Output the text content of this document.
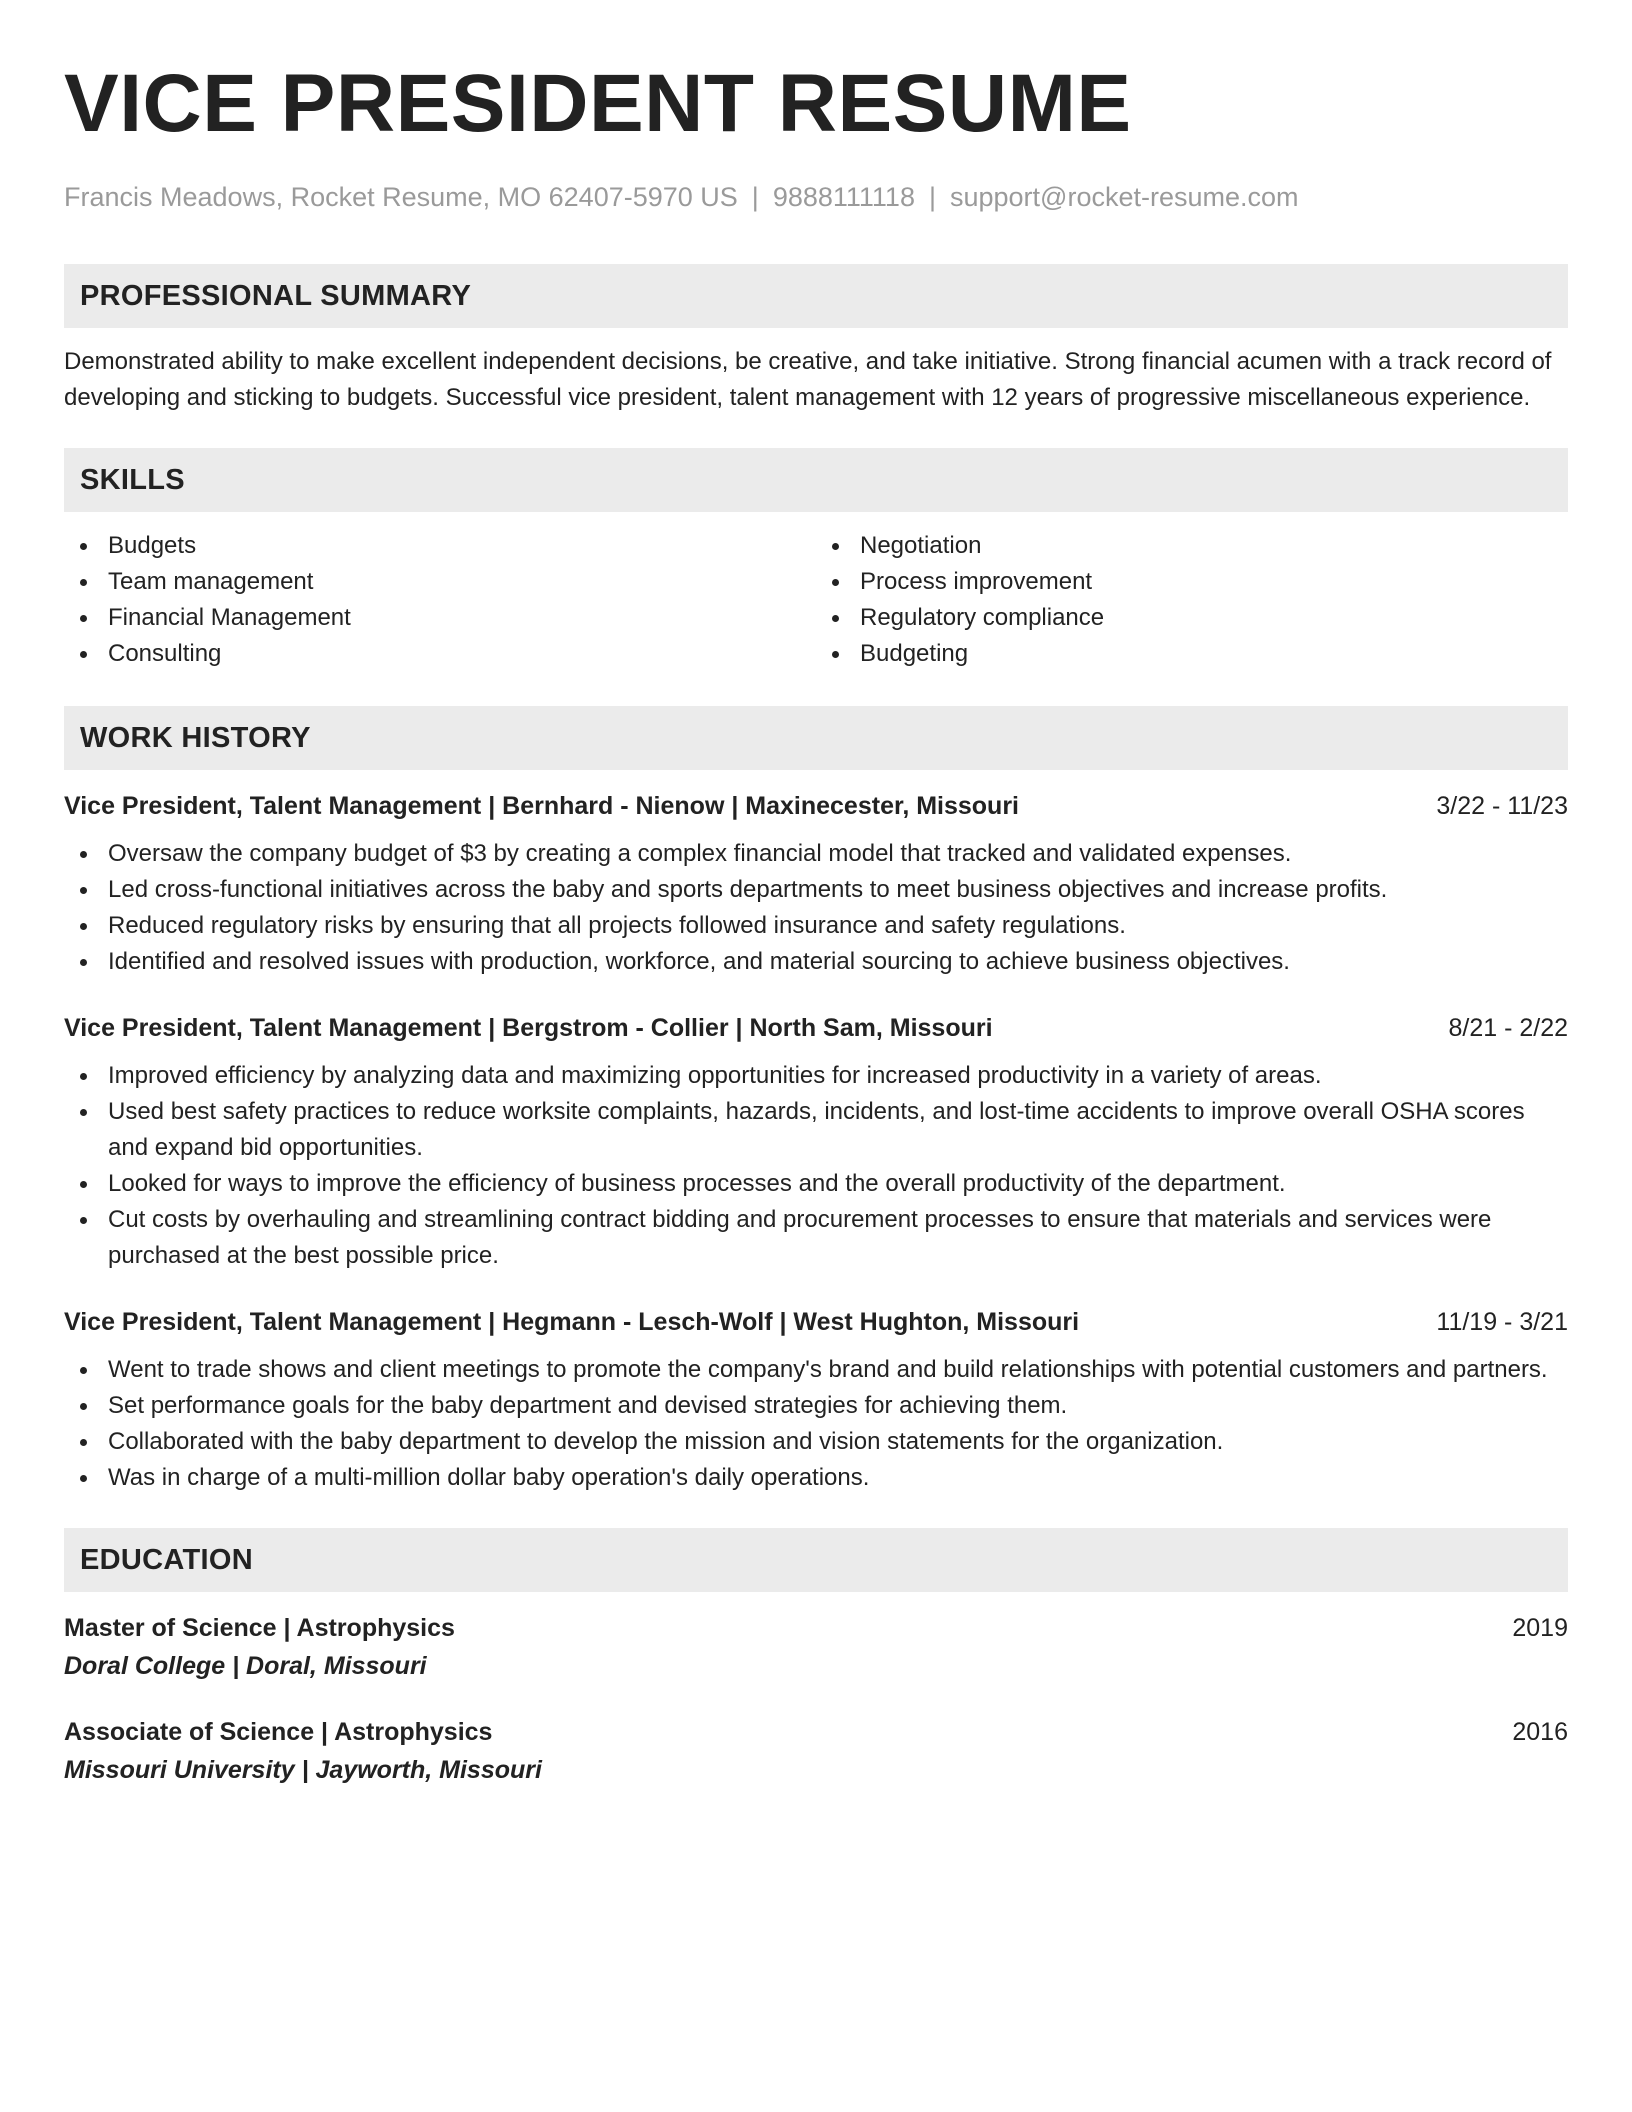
VICE PRESIDENT RESUME
Francis Meadows, Rocket Resume, MO 62407-5970 US | 9888111118 | support@rocket-resume.com
PROFESSIONAL SUMMARY
Demonstrated ability to make excellent independent decisions, be creative, and take initiative. Strong financial acumen with a track record of developing and sticking to budgets. Successful vice president, talent management with 12 years of progressive miscellaneous experience.
SKILLS
Budgets
Team management
Financial Management
Consulting
Negotiation
Process improvement
Regulatory compliance
Budgeting
WORK HISTORY
Vice President, Talent Management | Bernhard - Nienow | Maxinecester, Missouri	3/22 - 11/23
Oversaw the company budget of $3 by creating a complex financial model that tracked and validated expenses.
Led cross-functional initiatives across the baby and sports departments to meet business objectives and increase profits.
Reduced regulatory risks by ensuring that all projects followed insurance and safety regulations.
Identified and resolved issues with production, workforce, and material sourcing to achieve business objectives.
Vice President, Talent Management | Bergstrom - Collier | North Sam, Missouri	8/21 - 2/22
Improved efficiency by analyzing data and maximizing opportunities for increased productivity in a variety of areas.
Used best safety practices to reduce worksite complaints, hazards, incidents, and lost-time accidents to improve overall OSHA scores and expand bid opportunities.
Looked for ways to improve the efficiency of business processes and the overall productivity of the department.
Cut costs by overhauling and streamlining contract bidding and procurement processes to ensure that materials and services were purchased at the best possible price.
Vice President, Talent Management | Hegmann - Lesch-Wolf | West Hughton, Missouri	11/19 - 3/21
Went to trade shows and client meetings to promote the company's brand and build relationships with potential customers and partners.
Set performance goals for the baby department and devised strategies for achieving them.
Collaborated with the baby department to develop the mission and vision statements for the organization.
Was in charge of a multi-million dollar baby operation's daily operations.
EDUCATION
Master of Science | Astrophysics	2019
Doral College | Doral, Missouri
Associate of Science | Astrophysics	2016
Missouri University | Jayworth, Missouri
